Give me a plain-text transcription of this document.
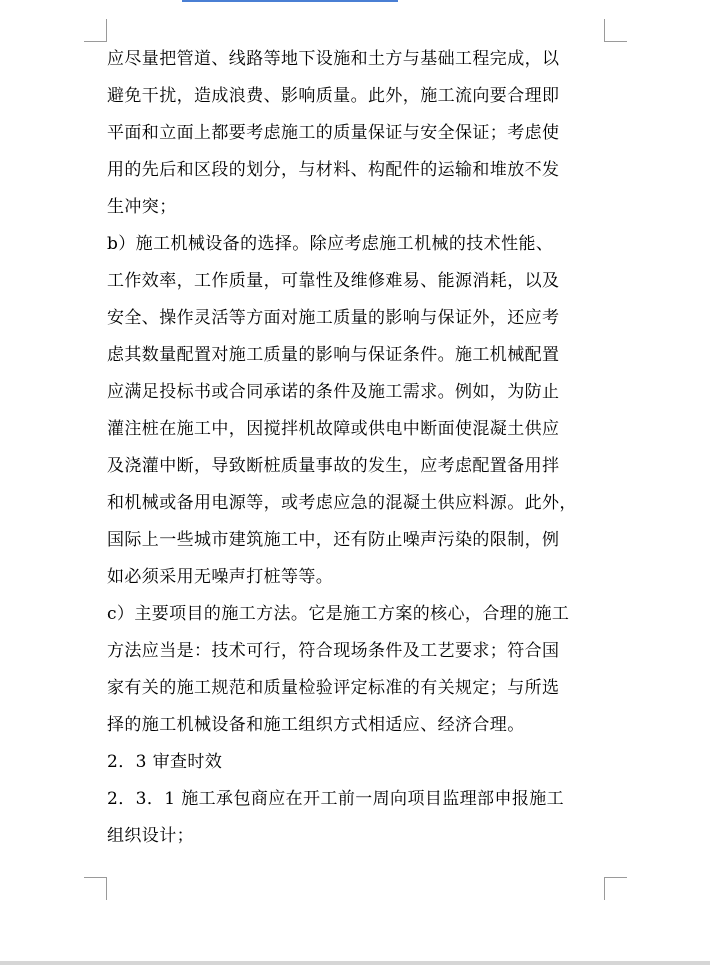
应尽量把管道、线路等地下设施和土方与基础工程完成，以
避免干扰，造成浪费、影响质量。此外，施工流向要合理即
平面和立面上都要考虑施工的质量保证与安全保证；考虑使
用的先后和区段的划分，与材料、构配件的运输和堆放不发
生冲突；

b）施工机械设备的选择。除应考虑施工机械的技术性能、
工作效率，工作质量，可靠性及维修难易、能源消耗，以及
安全、操作灵活等方面对施工质量的影响与保证外，还应考
虑其数量配置对施工质量的影响与保证条件。施工机械配置
应满足投标书或合同承诺的条件及施工需求。例如，为防止
灌注桩在施工中，因搅拌机故障或供电中断面使混凝土供应
及浇灌中断，导致断桩质量事故的发生，应考虑配置备用拌
和机械或备用电源等，或考虑应急的混凝土供应料源。此外，
国际上一些城市建筑施工中，还有防止噪声污染的限制，例
如必须采用无噪声打桩等等。

c）主要项目的施工方法。它是施工方案的核心，合理的施工
方法应当是：技术可行，符合现场条件及工艺要求；符合国
家有关的施工规范和质量检验评定标准的有关规定；与所选
择的施工机械设备和施工组织方式相适应、经济合理。

2．3 审查时效

2．3．1 施工承包商应在开工前一周向项目监理部申报施工
组织设计；
